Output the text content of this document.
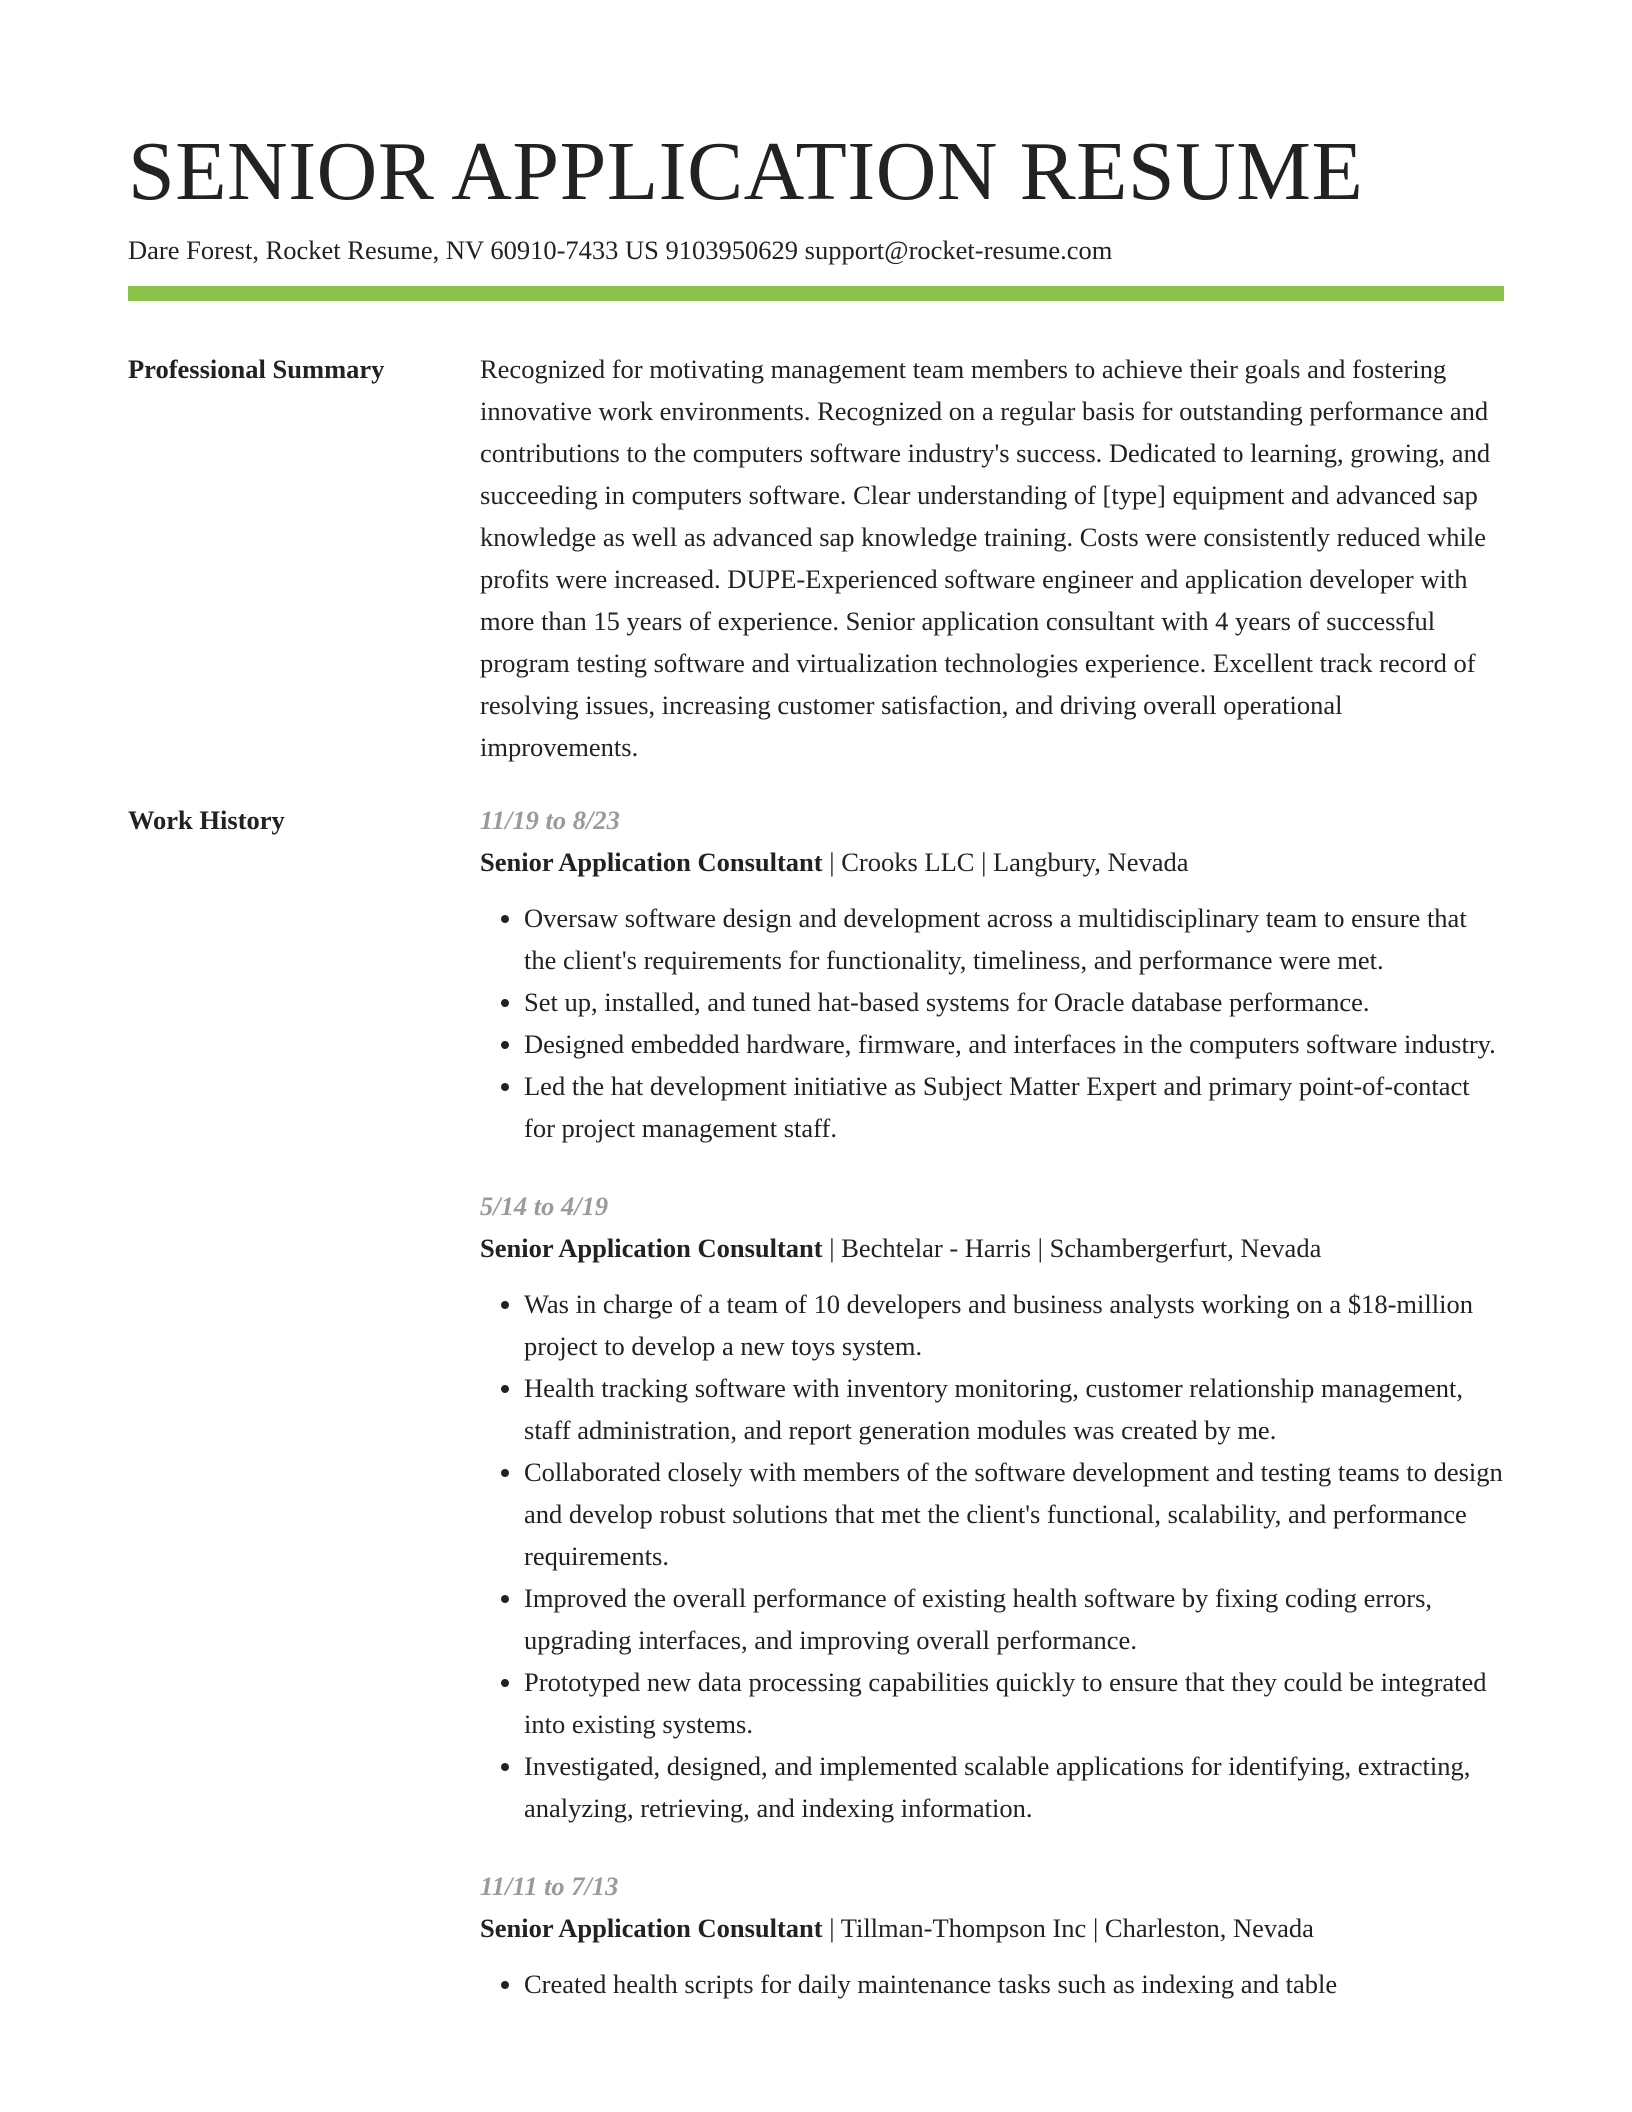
SENIOR APPLICATION RESUME
Dare Forest, Rocket Resume, NV 60910-7433 US 9103950629 support@rocket-resume.com
Professional Summary	Recognized for motivating management team members to achieve their goals and fostering innovative work environments. Recognized on a regular basis for outstanding performance and contributions to the computers software industry's success. Dedicated to learning, growing, and succeeding in computers software. Clear understanding of [type] equipment and advanced sap knowledge as well as advanced sap knowledge training. Costs were consistently reduced while profits were increased. DUPE-Experienced software engineer and application developer with more than 15 years of experience. Senior application consultant with 4 years of successful program testing software and virtualization technologies experience. Excellent track record of resolving issues, increasing customer satisfaction, and driving overall operational improvements.

Work History	11/19 to 8/23
Senior Application Consultant | Crooks LLC | Langbury, Nevada
• Oversaw software design and development across a multidisciplinary team to ensure that the client's requirements for functionality, timeliness, and performance were met.
• Set up, installed, and tuned hat-based systems for Oracle database performance.
• Designed embedded hardware, firmware, and interfaces in the computers software industry.
• Led the hat development initiative as Subject Matter Expert and primary point-of-contact for project management staff.
5/14 to 4/19
Senior Application Consultant | Bechtelar - Harris | Schambergerfurt, Nevada
• Was in charge of a team of 10 developers and business analysts working on a $18-million project to develop a new toys system.
• Health tracking software with inventory monitoring, customer relationship management, staff administration, and report generation modules was created by me.
• Collaborated closely with members of the software development and testing teams to design and develop robust solutions that met the client's functional, scalability, and performance requirements.
• Improved the overall performance of existing health software by fixing coding errors, upgrading interfaces, and improving overall performance.
• Prototyped new data processing capabilities quickly to ensure that they could be integrated into existing systems.
• Investigated, designed, and implemented scalable applications for identifying, extracting, analyzing, retrieving, and indexing information.
11/11 to 7/13
Senior Application Consultant | Tillman-Thompson Inc | Charleston, Nevada
• Created health scripts for daily maintenance tasks such as indexing and table
